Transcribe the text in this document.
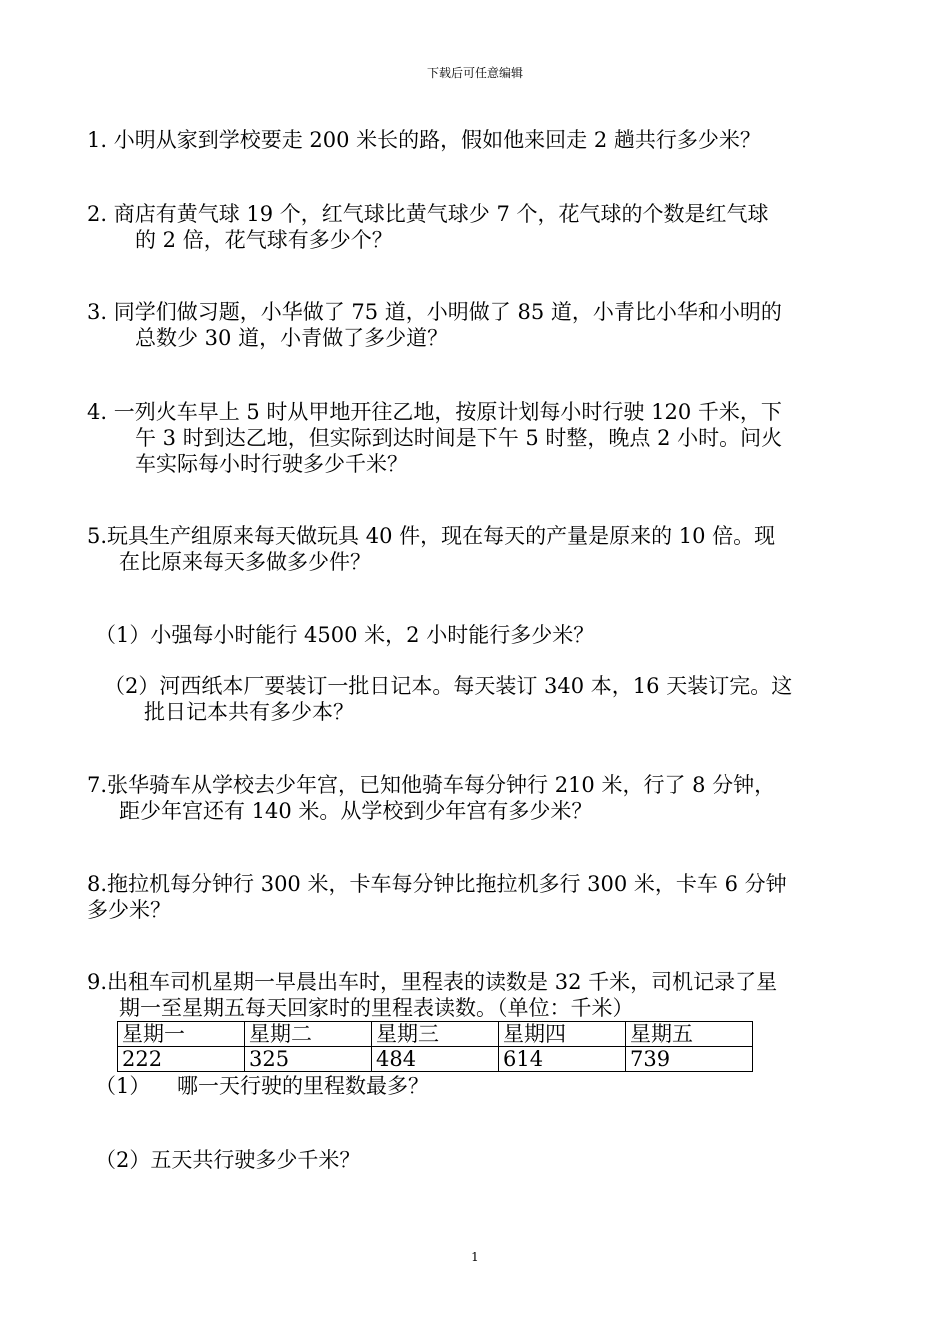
下载后可任意编辑
1. 小明从家到学校要走 200 米长的路，假如他来回走 2 趟共行多少米？
2. 商店有黄气球 19 个，红气球比黄气球少 7 个，花气球的个数是红气球
的 2 倍，花气球有多少个？
3. 同学们做习题，小华做了 75 道，小明做了 85 道，小青比小华和小明的
总数少 30 道，小青做了多少道？
4. 一列火车早上 5 时从甲地开往乙地，按原计划每小时行驶 120 千米，下
午 3 时到达乙地，但实际到达时间是下午 5 时整，晚点 2 小时。问火
车实际每小时行驶多少千米？
5.玩具生产组原来每天做玩具 40 件，现在每天的产量是原来的 10 倍。现
在比原来每天多做多少件？
（1）小强每小时能行 4500 米，2 小时能行多少米？
（2）河西纸本厂要装订一批日记本。每天装订 340 本，16 天装订完。这
批日记本共有多少本？
7.张华骑车从学校去少年宫，已知他骑车每分钟行 210 米，行了 8 分钟，
距少年宫还有 140 米。从学校到少年宫有多少米？
8.拖拉机每分钟行 300 米，卡车每分钟比拖拉机多行 300 米，卡车 6 分钟
多少米？
9.出租车司机星期一早晨出车时，里程表的读数是 32 千米，司机记录了星
期一至星期五每天回家时的里程表读数。（单位：千米）
星期一	星期二	星期三	星期四	星期五
222	325	484	614	739
（1）    哪一天行驶的里程数最多？
（2）五天共行驶多少千米？
1
